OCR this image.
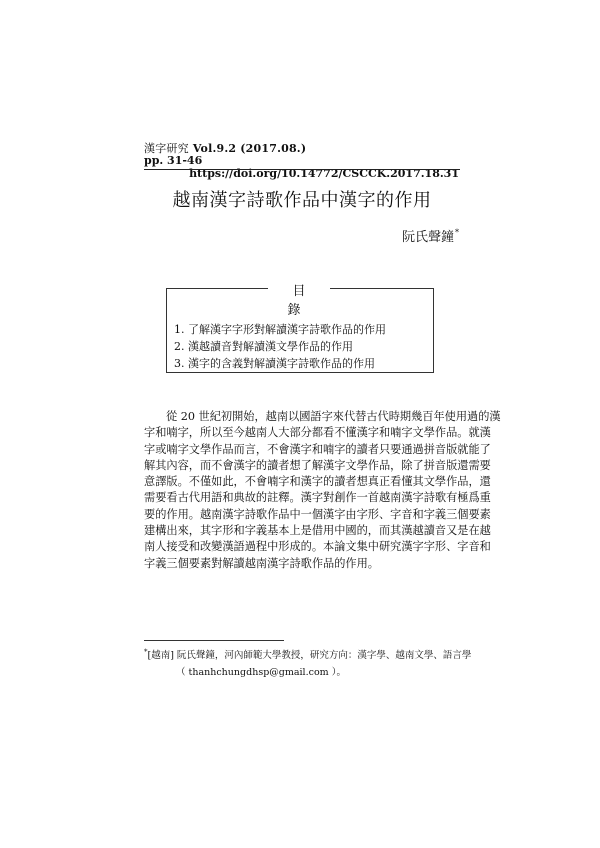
漢字研究 Vol.9.2 (2017.08.)
pp. 31-46
https://doi.org/10.14772/CSCCK.2017.18.31
越南漢字詩歌作品中漢字的作用
阮氏聲鐘*
目 錄
1. 了解漢字字形對解讀漢字詩歌作品的作用
2. 漢越讀音對解讀漢文學作品的作用
3. 漢字的含義對解讀漢字詩歌作品的作用
從 20 世紀初開始，越南以國語字來代替古代時期幾百年使用過的漢
字和喃字，所以至今越南人大部分都看不懂漢字和喃字文學作品。就漢
字或喃字文學作品而言，不會漢字和喃字的讀者只要通過拼音版就能了
解其內容，而不會漢字的讀者想了解漢字文學作品，除了拼音版還需要
意譯版。不僅如此，不會喃字和漢字的讀者想真正看懂其文學作品，還
需要看古代用語和典故的註釋。漢字對創作一首越南漢字詩歌有極爲重
要的作用。越南漢字詩歌作品中一個漢字由字形、字音和字義三個要素
建構出來，其字形和字義基本上是借用中國的，而其漢越讀音又是在越
南人接受和改變漢語過程中形成的。本論文集中研究漢字字形、字音和
字義三個要素對解讀越南漢字詩歌作品的作用。
*[越南] 阮氏聲鐘，河內師範大學教授，研究方向：漢字學、越南文學、語言學
（ thanhchungdhsp@gmail.com ）。
